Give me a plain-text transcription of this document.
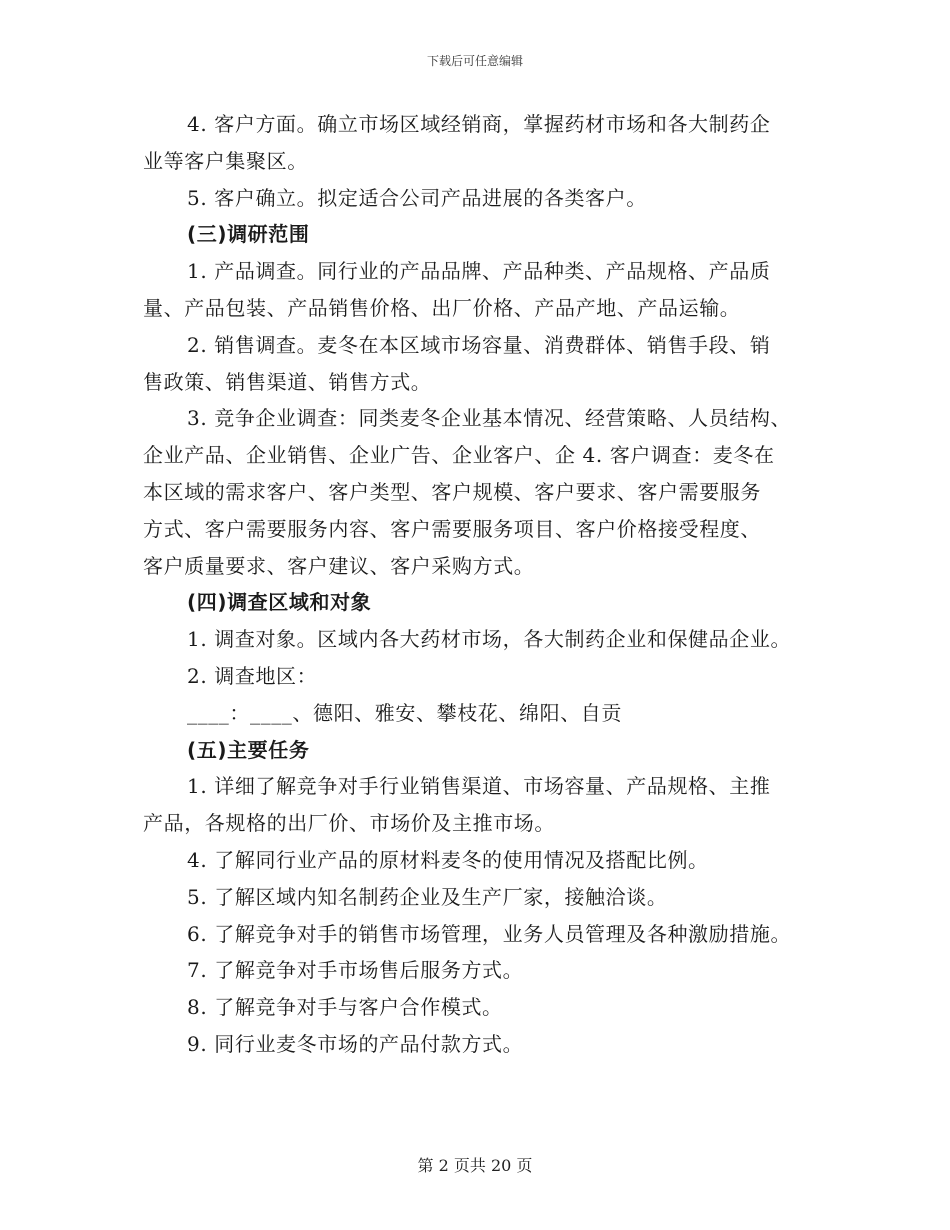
下载后可任意编辑
4. 客户方面。确立市场区域经销商，掌握药材市场和各大制药企
业等客户集聚区。
5. 客户确立。拟定适合公司产品进展的各类客户。
(三)调研范围
1. 产品调查。同行业的产品品牌、产品种类、产品规格、产品质
量、产品包装、产品销售价格、出厂价格、产品产地、产品运输。
2. 销售调查。麦冬在本区域市场容量、消费群体、销售手段、销
售政策、销售渠道、销售方式。
3. 竞争企业调查：同类麦冬企业基本情况、经营策略、人员结构、
企业产品、企业销售、企业广告、企业客户、企 4. 客户调查：麦冬在
本区域的需求客户、客户类型、客户规模、客户要求、客户需要服务
方式、客户需要服务内容、客户需要服务项目、客户价格接受程度、
客户质量要求、客户建议、客户采购方式。
(四)调查区域和对象
1. 调查对象。区域内各大药材市场，各大制药企业和保健品企业。
2. 调查地区：
____：____、德阳、雅安、攀枝花、绵阳、自贡
(五)主要任务
1. 详细了解竞争对手行业销售渠道、市场容量、产品规格、主推
产品，各规格的出厂价、市场价及主推市场。
4. 了解同行业产品的原材料麦冬的使用情况及搭配比例。
5. 了解区域内知名制药企业及生产厂家，接触洽谈。
6. 了解竞争对手的销售市场管理，业务人员管理及各种激励措施。
7. 了解竞争对手市场售后服务方式。
8. 了解竞争对手与客户合作模式。
9. 同行业麦冬市场的产品付款方式。
第 2 页共 20 页
